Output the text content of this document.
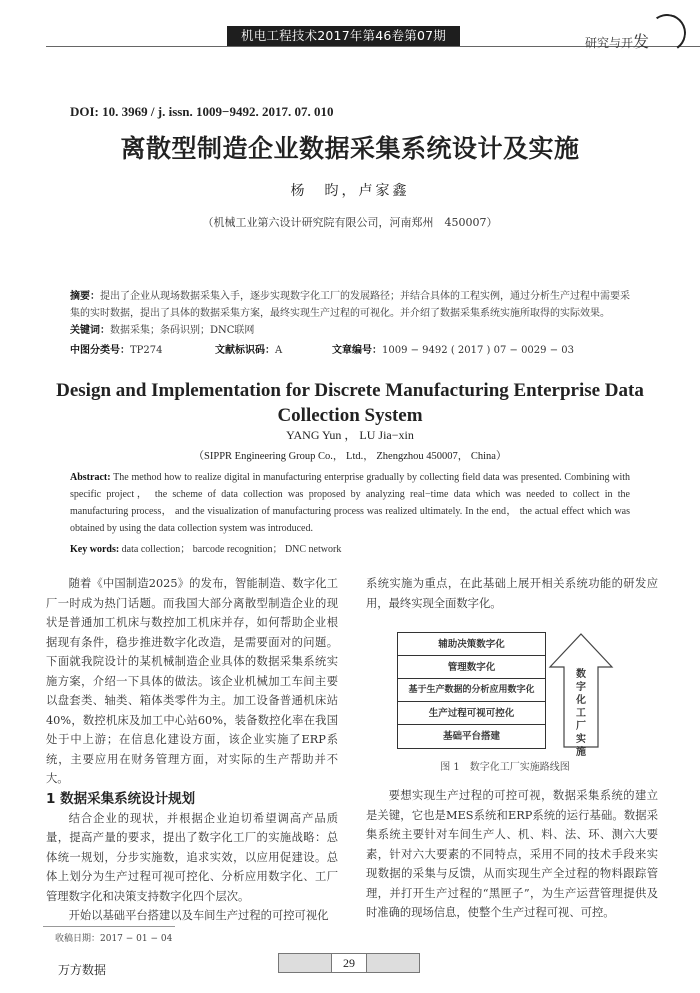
机电工程技术2017年第46卷第07期	研究与开发
DOI: 10. 3969 / j. issn. 1009−9492. 2017. 07. 010
离散型制造企业数据采集系统设计及实施
杨　昀，卢家鑫
（机械工业第六设计研究院有限公司，河南郑州　450007）
摘要：提出了企业从现场数据采集入手，逐步实现数字化工厂的发展路径；并结合具体的工程实例，通过分析生产过程中需要采集的实时数据，提出了具体的数据采集方案，最终实现生产过程的可视化。并介绍了数据采集系统实施所取得的实际效果。
关键词：数据采集；条码识别；DNC联网
中图分类号：TP274	文献标识码：A	文章编号：1009 − 9492 ( 2017 ) 07 − 0029 − 03
Design and Implementation for Discrete Manufacturing Enterprise Data Collection System
YANG Yun ， LU Jia−xin
（SIPPR Engineering Group Co.， Ltd.， Zhengzhou 450007， China）
Abstract: The method how to realize digital in manufacturing enterprise gradually by collecting field data was presented. Combining with specific project， the scheme of data collection was proposed by analyzing real−time data which was needed to collect in the manufacturing process， and the visualization of manufacturing process was realized ultimately. In the end， the actual effect which was obtained by using the data collection system was introduced.
Key words: data collection； barcode recognition； DNC network

随着《中国制造2025》的发布，智能制造、数字化工厂一时成为热门话题。而我国大部分离散型制造企业的现状是普通加工机床与数控加工机床并存，如何帮助企业根据现有条件，稳步推进数字化改造，是需要面对的问题。下面就我院设计的某机械制造企业具体的数据采集系统实施方案，介绍一下具体的做法。该企业机械加工车间主要以盘套类、轴类、箱体类零件为主。加工设备普通机床站40%，数控机床及加工中心站60%，装备数控化率在我国处于中上游；在信息化建设方面，该企业实施了ERP系统，主要应用在财务管理方面，对实际的生产帮助并不大。

1 数据采集系统设计规划

结合企业的现状，并根据企业迫切希望调高产品质量，提高产量的要求，提出了数字化工厂的实施战略：总体统一规划，分步实施数，追求实效，以应用促建设。总体上划分为生产过程可视可控化、分析应用数字化、工厂管理数字化和决策支持数字化四个层次。

开始以基础平台搭建以及车间生产过程的可控可视化

系统实施为重点，在此基础上展开相关系统功能的研发应用，最终实现全面数字化。

辅助决策数字化
管理数字化
基于生产数据的分析应用数字化
生产过程可视可控化
基础平台搭建
数字化工厂实施
图 1　数字化工厂实施路线图

要想实现生产过程的可控可视，数据采集系统的建立是关键，它也是MES系统和ERP系统的运行基础。数据采集系统主要针对车间生产人、机、料、法、环、测六大要素，针对六大要素的不同特点，采用不同的技术手段来实现数据的采集与反馈，从而实现生产全过程的物料跟踪管理，并打开生产过程的“黑匣子”，为生产运营管理提供及时准确的现场信息，使整个生产过程可视、可控。

收稿日期：2017 − 01 − 04
万方数据	29
